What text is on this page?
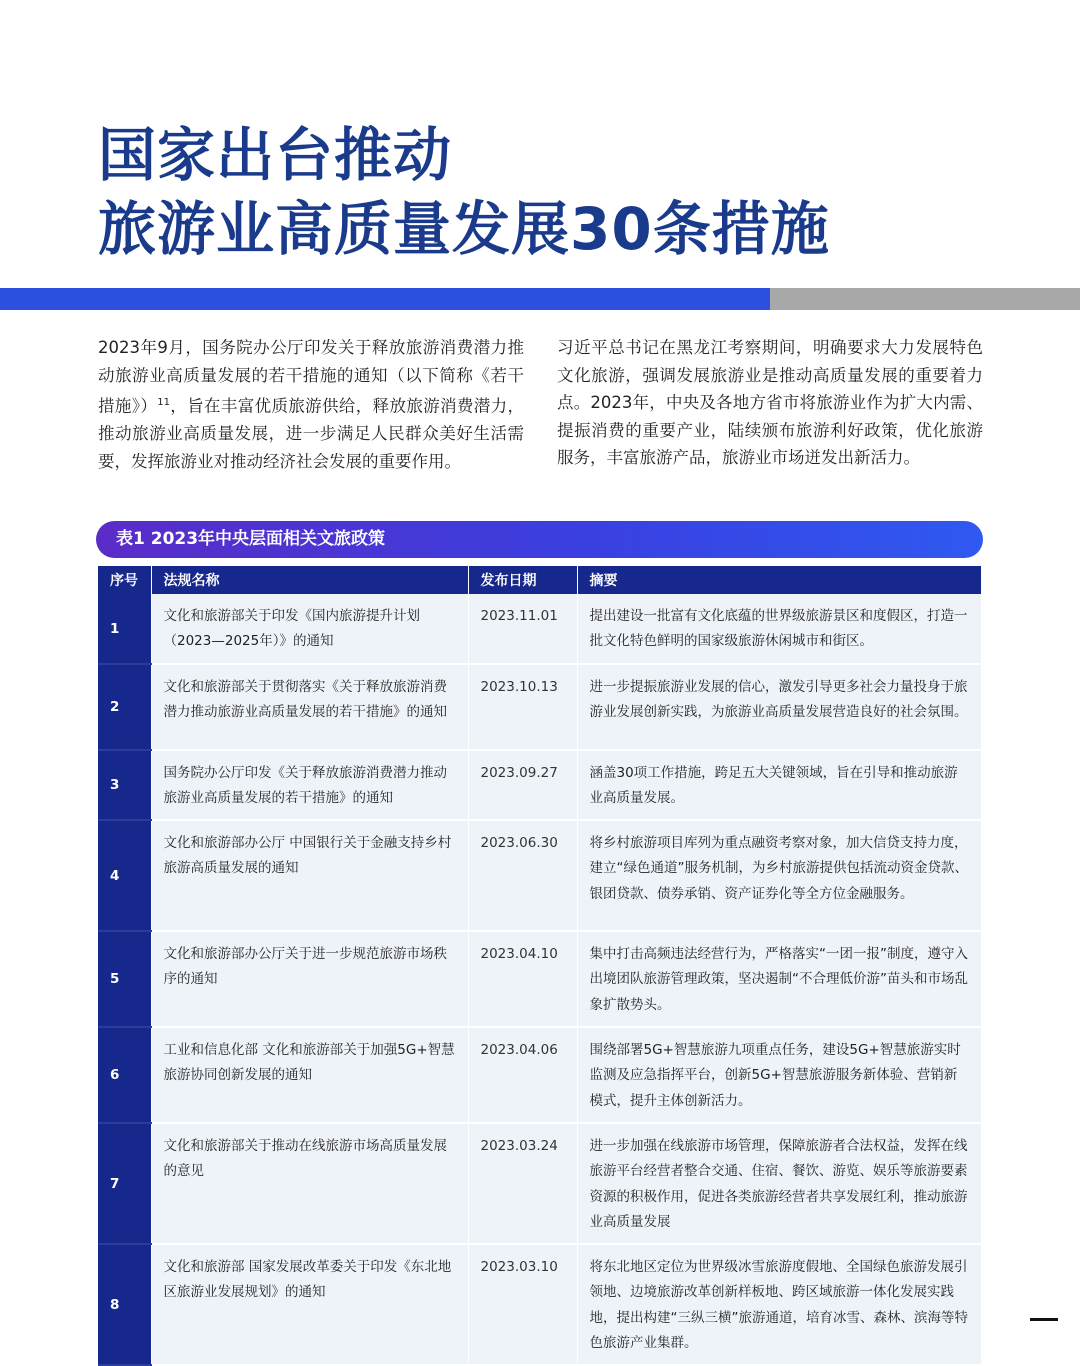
国家出台推动
旅游业高质量发展30条措施
2023年9月，国务院办公厅印发关于释放旅游消费潜力推动旅游业高质量发展的若干措施的通知（以下简称《若干措施》）$^{11}$，旨在丰富优质旅游供给，释放旅游消费潜力，推动旅游业高质量发展，进一步满足人民群众美好生活需要，发挥旅游业对推动经济社会发展的重要作用。
习近平总书记在黑龙江考察期间，明确要求大力发展特色文化旅游，强调发展旅游业是推动高质量发展的重要着力点。2023年，中央及各地方省市将旅游业作为扩大内需、提振消费的重要产业，陆续颁布旅游利好政策，优化旅游服务，丰富旅游产品，旅游业市场迸发出新活力。
表1 2023年中央层面相关文旅政策
序号	法规名称	发布日期	摘要
1	文化和旅游部关于印发《国内旅游提升计划（2023—2025年）》的通知	2023.11.01	提出建设一批富有文化底蕴的世界级旅游景区和度假区，打造一批文化特色鲜明的国家级旅游休闲城市和街区。
2	文化和旅游部关于贯彻落实《关于释放旅游消费潜力推动旅游业高质量发展的若干措施》的通知	2023.10.13	进一步提振旅游业发展的信心，激发引导更多社会力量投身于旅游业发展创新实践，为旅游业高质量发展营造良好的社会氛围。
3	国务院办公厅印发《关于释放旅游消费潜力推动旅游业高质量发展的若干措施》的通知	2023.09.27	涵盖30项工作措施，跨足五大关键领域，旨在引导和推动旅游业高质量发展。
4	文化和旅游部办公厅 中国银行关于金融支持乡村旅游高质量发展的通知	2023.06.30	将乡村旅游项目库列为重点融资考察对象，加大信贷支持力度，建立“绿色通道”服务机制，为乡村旅游提供包括流动资金贷款、银团贷款、债券承销、资产证券化等全方位金融服务。
5	文化和旅游部办公厅关于进一步规范旅游市场秩序的通知	2023.04.10	集中打击高频违法经营行为，严格落实“一团一报”制度，遵守入出境团队旅游管理政策，坚决遏制“不合理低价游”苗头和市场乱象扩散势头。
6	工业和信息化部 文化和旅游部关于加强5G+智慧旅游协同创新发展的通知	2023.04.06	围绕部署5G+智慧旅游九项重点任务，建设5G+智慧旅游实时监测及应急指挥平台，创新5G+智慧旅游服务新体验、营销新模式，提升主体创新活力。
7	文化和旅游部关于推动在线旅游市场高质量发展的意见	2023.03.24	进一步加强在线旅游市场管理，保障旅游者合法权益，发挥在线旅游平台经营者整合交通、住宿、餐饮、游览、娱乐等旅游要素资源的积极作用，促进各类旅游经营者共享发展红利，推动旅游业高质量发展
8	文化和旅游部 国家发展改革委关于印发《东北地区旅游业发展规划》的通知	2023.03.10	将东北地区定位为世界级冰雪旅游度假地、全国绿色旅游发展引领地、边境旅游改革创新样板地、跨区域旅游一体化发展实践地，提出构建“三纵三横”旅游通道，培育冰雪、森林、滨海等特色旅游产业集群。
